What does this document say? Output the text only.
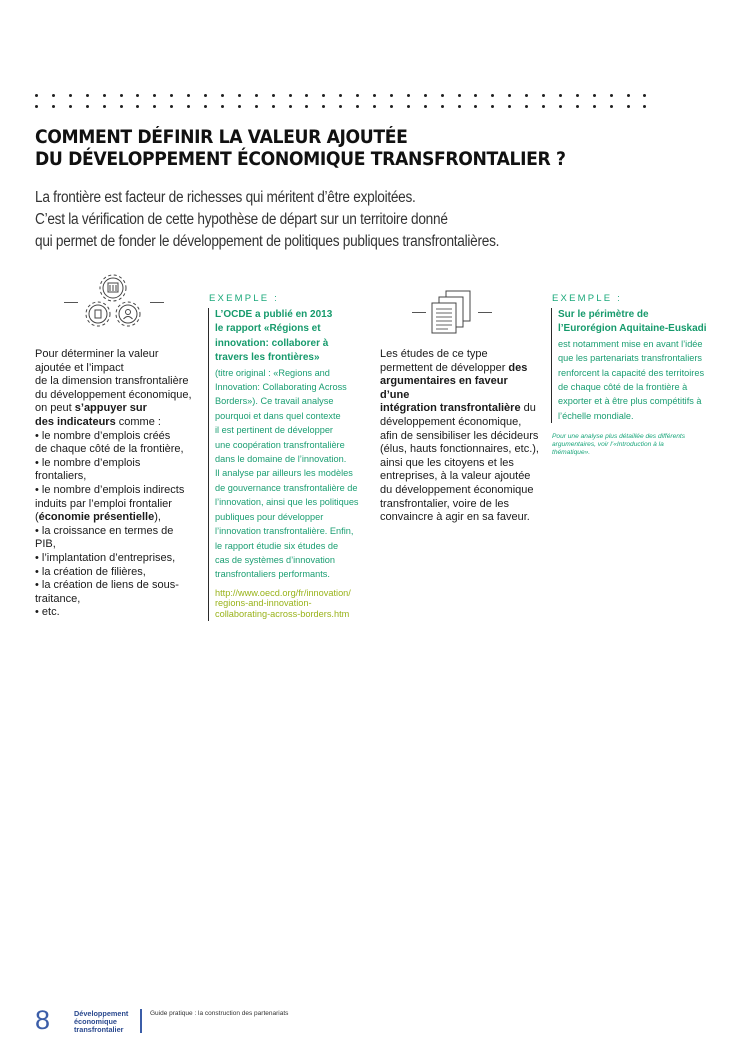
COMMENT DÉFINIR LA VALEUR AJOUTÉE
DU DÉVELOPPEMENT ÉCONOMIQUE TRANSFRONTALIER ?
La frontière est facteur de richesses qui méritent d’être exploitées.
C’est la vérification de cette hypothèse de départ sur un territoire donné
qui permet de fonder le développement de politiques publiques transfrontalières.
Pour déterminer la valeur
ajoutée et l’impact
de la dimension transfrontalière
du développement économique,
on peut s’appuyer sur
des indicateurs comme :
• le nombre d’emplois créés
de chaque côté de la frontière,
• le nombre d’emplois
frontaliers,
• le nombre d’emplois indirects
induits par l’emploi frontalier
(économie présentielle),
• la croissance en termes de
PIB,
• l’implantation d’entreprises,
• la création de filières,
• la création de liens de sous-
traitance,
• etc.
EXEMPLE :
L’OCDE a publié en 2013
le rapport «Régions et
innovation: collaborer à
travers les frontières»
(titre original : «Regions and
Innovation: Collaborating Across
Borders»). Ce travail analyse
pourquoi et dans quel contexte
il est pertinent de développer
une coopération transfrontalière
dans le domaine de l’innovation.
Il analyse par ailleurs les modèles
de gouvernance transfrontalière de
l’innovation, ainsi que les politiques
publiques pour développer
l’innovation transfrontalière. Enfin,
le rapport étudie six études de
cas de systèmes d’innovation
transfrontaliers performants.
http://www.oecd.org/fr/innovation/
regions-and-innovation-
collaborating-across-borders.htm
Les études de ce type
permettent de développer des
argumentaires en faveur d’une
intégration transfrontalière du
développement économique,
afin de sensibiliser les décideurs
(élus, hauts fonctionnaires, etc.),
ainsi que les citoyens et les
entreprises, à la valeur ajoutée
du développement économique
transfrontalier, voire de les
convaincre à agir en sa faveur.
EXEMPLE :
Sur le périmètre de
l’Eurorégion Aquitaine-Euskadi
est notamment mise en avant l’idée
que les partenariats transfrontaliers
renforcent la capacité des territoires
de chaque côté de la frontière à
exporter et à être plus compétitifs à
l’échelle mondiale.
Pour une analyse plus détaillée des différents
argumentaires, voir l’«Introduction à la
thématique».
8	Développement
économique
transfrontalier
Guide pratique : la construction des partenariats
